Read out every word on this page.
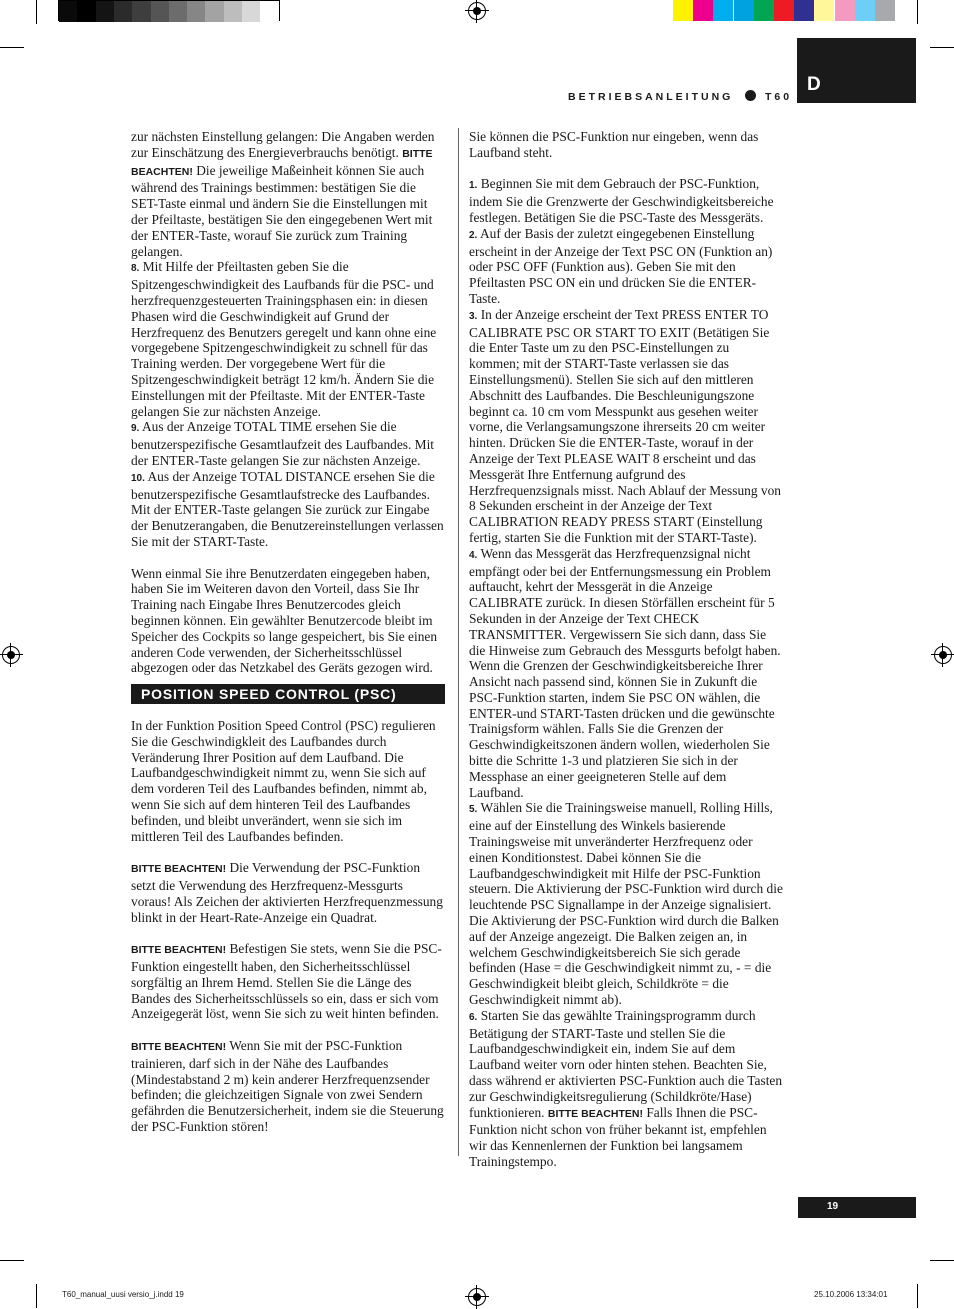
BETRIEBSANLEITUNG	T60
D

zur nächsten Einstellung gelangen: Die Angaben werden zur Einschätzung des Energieverbrauchs benötigt. BITTE BEACHTEN! Die jeweilige Maßeinheit können Sie auch während des Trainings bestimmen: bestätigen Sie die SET-Taste einmal und ändern Sie die Einstellungen mit der Pfeiltaste, bestätigen Sie den eingegebenen Wert mit der ENTER-Taste, worauf Sie zurück zum Training gelangen.

8. Mit Hilfe der Pfeiltasten geben Sie die Spitzengeschwindigkeit des Laufbands für die PSC- und herzfrequenzgesteuerten Trainingsphasen ein: in diesen Phasen wird die Geschwindigkeit auf Grund der Herzfrequenz des Benutzers geregelt und kann ohne eine vorgegebene Spitzengeschwindigkeit zu schnell für das Training werden. Der vorgegebene Wert für die Spitzengeschwindigkeit beträgt 12 km/h. Ändern Sie die Einstellungen mit der Pfeiltaste. Mit der ENTER-Taste gelangen Sie zur nächsten Anzeige.

9. Aus der Anzeige TOTAL TIME ersehen Sie die benutzerspezifische Gesamtlaufzeit des Laufbandes. Mit der ENTER-Taste gelangen Sie zur nächsten Anzeige.

10. Aus der Anzeige TOTAL DISTANCE ersehen Sie die benutzerspezifische Gesamtlaufstrecke des Laufbandes. Mit der ENTER-Taste gelangen Sie zurück zur Eingabe der Benutzerangaben, die Benutzereinstellungen verlassen Sie mit der START-Taste.

Wenn einmal Sie ihre Benutzerdaten eingegeben haben, haben Sie im Weiteren davon den Vorteil, dass Sie Ihr Training nach Eingabe Ihres Benutzercodes gleich beginnen können. Ein gewählter Benutzercode bleibt im Speicher des Cockpits so lange gespeichert, bis Sie einen anderen Code verwenden, der Sicherheitsschlüssel abgezogen oder das Netzkabel des Geräts gezogen wird.

POSITION SPEED CONTROL (PSC)

In der Funktion Position Speed Control (PSC) regulieren Sie die Geschwindigkleit des Laufbandes durch Veränderung Ihrer Position auf dem Laufband. Die Laufbandgeschwindigkeit nimmt zu, wenn Sie sich auf dem vorderen Teil des Laufbandes befinden, nimmt ab, wenn Sie sich auf dem hinteren Teil des Laufbandes befinden, und bleibt unverändert, wenn sie sich im mittleren Teil des Laufbandes befinden.

BITTE BEACHTEN! Die Verwendung der PSC-Funktion setzt die Verwendung des Herzfrequenz-Messgurts voraus! Als Zeichen der aktivierten Herzfrequenzmessung blinkt in der Heart-Rate-Anzeige ein Quadrat.

BITTE BEACHTEN! Befestigen Sie stets, wenn Sie die PSC-Funktion eingestellt haben, den Sicherheitsschlüssel sorgfältig an Ihrem Hemd. Stellen Sie die Länge des Bandes des Sicherheitsschlüssels so ein, dass er sich vom Anzeigegerät löst, wenn Sie sich zu weit hinten befinden.

BITTE BEACHTEN! Wenn Sie mit der PSC-Funktion trainieren, darf sich in der Nähe des Laufbandes (Mindestabstand 2 m) kein anderer Herzfrequenzsender befinden; die gleichzeitigen Signale von zwei Sendern gefährden die Benutzersicherheit, indem sie die Steuerung der PSC-Funktion stören!

Sie können die PSC-Funktion nur eingeben, wenn das Laufband steht.

1. Beginnen Sie mit dem Gebrauch der PSC-Funktion, indem Sie die Grenzwerte der Geschwindigkeitsbereiche festlegen. Betätigen Sie die PSC-Taste des Messgeräts.

2. Auf der Basis der zuletzt eingegebenen Einstellung erscheint in der Anzeige der Text PSC ON (Funktion an) oder PSC OFF (Funktion aus). Geben Sie mit den Pfeiltasten PSC ON ein und drücken Sie die ENTER-Taste.

3. In der Anzeige erscheint der Text PRESS ENTER TO CALIBRATE PSC OR START TO EXIT (Betätigen Sie die Enter Taste um zu den PSC-Einstellungen zu kommen; mit der START-Taste verlassen sie das Einstellungsmenü). Stellen Sie sich auf den mittleren Abschnitt des Laufbandes. Die Beschleunigungszone beginnt ca. 10 cm vom Messpunkt aus gesehen weiter vorne, die Verlangsamungszone ihrerseits 20 cm weiter hinten. Drücken Sie die ENTER-Taste, worauf in der Anzeige der Text PLEASE WAIT 8 erscheint und das Messgerät Ihre Entfernung aufgrund des Herzfrequenzsignals misst. Nach Ablauf der Messung von 8 Sekunden erscheint in der Anzeige der Text CALIBRATION READY PRESS START (Einstellung fertig, starten Sie die Funktion mit der START-Taste).

4. Wenn das Messgerät das Herzfrequenzsignal nicht empfängt oder bei der Entfernungsmessung ein Problem auftaucht, kehrt der Messgerät in die Anzeige CALIBRATE zurück. In diesen Störfällen erscheint für 5 Sekunden in der Anzeige der Text CHECK TRANSMITTER. Vergewissern Sie sich dann, dass Sie die Hinweise zum Gebrauch des Messgurts befolgt haben. Wenn die Grenzen der Geschwindigkeitsbereiche Ihrer Ansicht nach passend sind, können Sie in Zukunft die PSC-Funktion starten, indem Sie PSC ON wählen, die ENTER-und START-Tasten drücken und die gewünschte Trainigsform wählen. Falls Sie die Grenzen der Geschwindigkeitszonen ändern wollen, wiederholen Sie bitte die Schritte 1-3 und platzieren Sie sich in der Messphase an einer geeigneteren Stelle auf dem Laufband.

5. Wählen Sie die Trainingsweise manuell, Rolling Hills, eine auf der Einstellung des Winkels basierende Trainingsweise mit unveränderter Herzfrequenz oder einen Konditionstest. Dabei können Sie die Laufbandgeschwindigkeit mit Hilfe der PSC-Funktion steuern. Die Aktivierung der PSC-Funktion wird durch die leuchtende PSC Signallampe in der Anzeige signalisiert. Die Aktivierung der PSC-Funktion wird durch die Balken auf der Anzeige angezeigt. Die Balken zeigen an, in welchem Geschwindigkeitsbereich Sie sich gerade befinden (Hase = die Geschwindigkeit nimmt zu, - = die Geschwindigkeit bleibt gleich, Schildkröte = die Geschwindigkeit nimmt ab).

6. Starten Sie das gewählte Trainingsprogramm durch Betätigung der START-Taste und stellen Sie die Laufbandgeschwindigkeit ein, indem Sie auf dem Laufband weiter vorn oder hinten stehen. Beachten Sie, dass während er aktivierten PSC-Funktion auch die Tasten zur Geschwindigkeitsregulierung (Schildkröte/Hase) funktionieren. BITTE BEACHTEN! Falls Ihnen die PSC-Funktion nicht schon von früher bekannt ist, empfehlen wir das Kennenlernen der Funktion bei langsamem Trainingstempo.

19
T60_manual_uusi versio_j.indd 19	25.10.2006 13:34:01
